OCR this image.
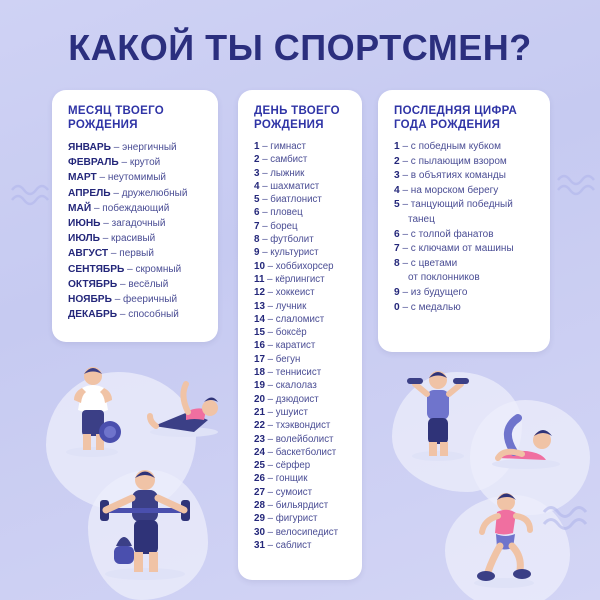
КАКОЙ ТЫ СПОРТСМЕН?
МЕСЯЦ ТВОЕГО РОЖДЕНИЯ
ЯНВАРЬ – энергичный
ФЕВРАЛЬ – крутой
МАРТ – неутомимый
АПРЕЛЬ – дружелюбный
МАЙ – побеждающий
ИЮНЬ – загадочный
ИЮЛЬ – красивый
АВГУСТ – первый
СЕНТЯБРЬ – скромный
ОКТЯБРЬ – весёлый
НОЯБРЬ – фееричный
ДЕКАБРЬ – способный
ДЕНЬ ТВОЕГО РОЖДЕНИЯ
1 – гимнаст
2 – самбист
3 – лыжник
4 – шахматист
5 – биатлонист
6 – пловец
7 – борец
8 – футболит
9 – культурист
10 – хоббихорсер
11 – кёрлингист
12 – хоккеист
13 – лучник
14 – слаломист
15 – боксёр
16 – каратист
17 – бегун
18 – теннисист
19 – скалолаз
20 – дзюдоист
21 – ушуист
22 – тхэквондист
23 – волейболист
24 – баскетболист
25 – сёрфер
26 – гонщик
27 – сумоист
28 – бильярдист
29 – фигурист
30 – велосипедист
31 – саблист
ПОСЛЕДНЯЯ ЦИФРА ГОДА РОЖДЕНИЯ
1 – с победным кубком
2 – с пылающим взором
3 – в объятиях команды
4 – на морском берегу
5 – танцующий победный
танец
6 – с толпой фанатов
7 – с ключами от машины
8 – с цветами
от поклонников
9 – из будущего
0 – с медалью
